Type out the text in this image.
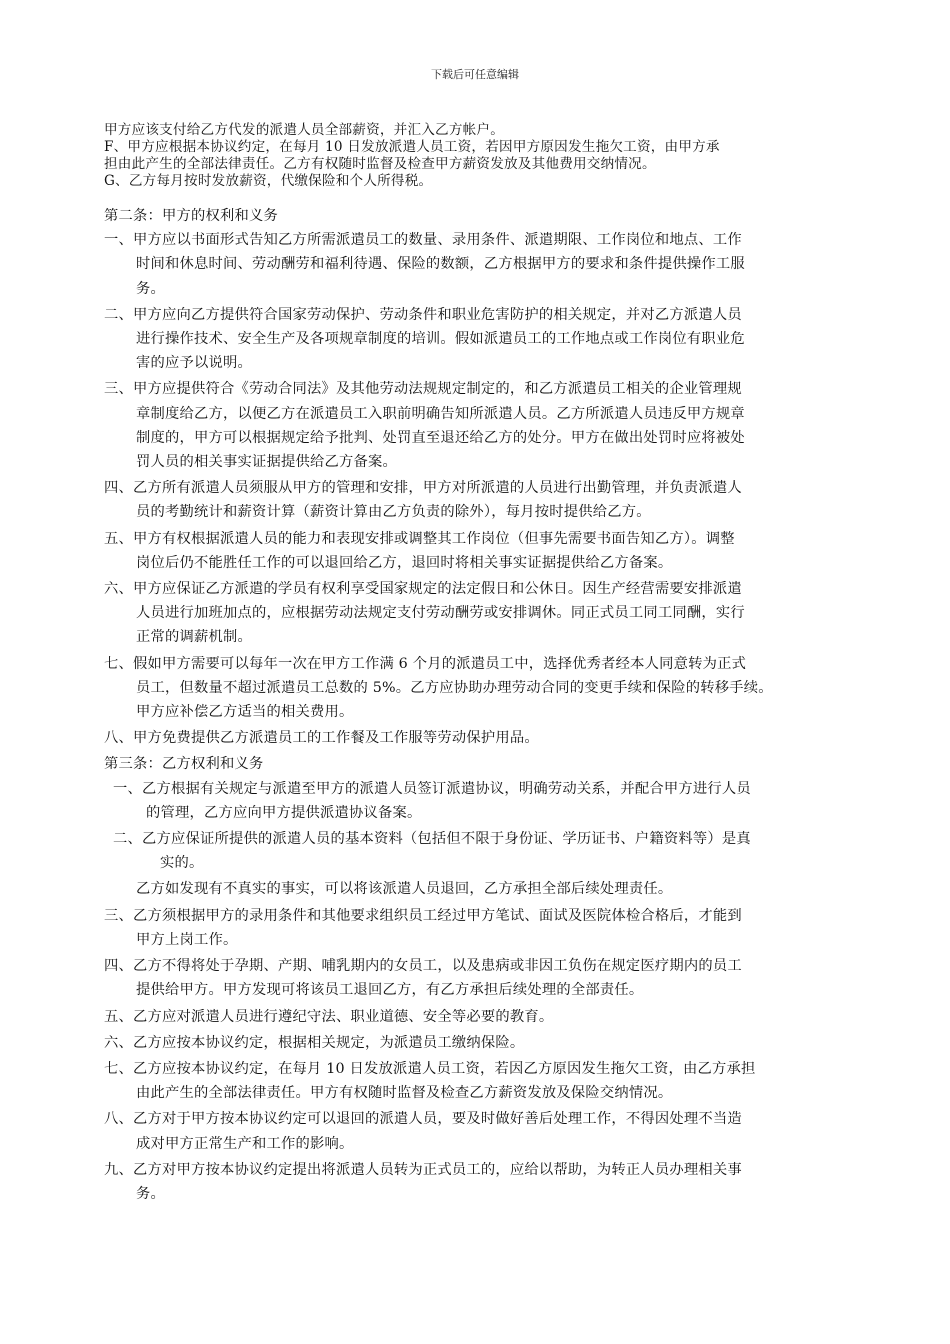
下载后可任意编辑

甲方应该支付给乙方代发的派遣人员全部薪资，并汇入乙方帐户。

F、甲方应根据本协议约定，在每月 10 日发放派遣人员工资，若因甲方原因发生拖欠工资，由甲方承

担由此产生的全部法律责任。乙方有权随时监督及检查甲方薪资发放及其他费用交纳情况。

G、乙方每月按时发放薪资，代缴保险和个人所得税。

第二条：甲方的权利和义务

一、甲方应以书面形式告知乙方所需派遣员工的数量、录用条件、派遣期限、工作岗位和地点、工作

时间和休息时间、劳动酬劳和福利待遇、保险的数额，乙方根据甲方的要求和条件提供操作工服

务。

二、甲方应向乙方提供符合国家劳动保护、劳动条件和职业危害防护的相关规定，并对乙方派遣人员

进行操作技术、安全生产及各项规章制度的培训。假如派遣员工的工作地点或工作岗位有职业危

害的应予以说明。

三、甲方应提供符合《劳动合同法》及其他劳动法规规定制定的，和乙方派遣员工相关的企业管理规

章制度给乙方，以便乙方在派遣员工入职前明确告知所派遣人员。乙方所派遣人员违反甲方规章

制度的，甲方可以根据规定给予批判、处罚直至退还给乙方的处分。甲方在做出处罚时应将被处

罚人员的相关事实证据提供给乙方备案。

四、乙方所有派遣人员须服从甲方的管理和安排，甲方对所派遣的人员进行出勤管理，并负责派遣人

员的考勤统计和薪资计算（薪资计算由乙方负责的除外），每月按时提供给乙方。

五、甲方有权根据派遣人员的能力和表现安排或调整其工作岗位（但事先需要书面告知乙方）。调整

岗位后仍不能胜任工作的可以退回给乙方，退回时将相关事实证据提供给乙方备案。

六、甲方应保证乙方派遣的学员有权利享受国家规定的法定假日和公休日。因生产经营需要安排派遣

人员进行加班加点的，应根据劳动法规定支付劳动酬劳或安排调休。同正式员工同工同酬，实行

正常的调薪机制。

七、假如甲方需要可以每年一次在甲方工作满 6 个月的派遣员工中，选择优秀者经本人同意转为正式

员工，但数量不超过派遣员工总数的 5%。乙方应协助办理劳动合同的变更手续和保险的转移手续。

甲方应补偿乙方适当的相关费用。

八、甲方免费提供乙方派遣员工的工作餐及工作服等劳动保护用品。

第三条：乙方权利和义务

一、乙方根据有关规定与派遣至甲方的派遣人员签订派遣协议，明确劳动关系，并配合甲方进行人员

的管理，乙方应向甲方提供派遣协议备案。

二、乙方应保证所提供的派遣人员的基本资料（包括但不限于身份证、学历证书、户籍资料等）是真

实的。

乙方如发现有不真实的事实，可以将该派遣人员退回，乙方承担全部后续处理责任。

三、乙方须根据甲方的录用条件和其他要求组织员工经过甲方笔试、面试及医院体检合格后，才能到

甲方上岗工作。

四、乙方不得将处于孕期、产期、哺乳期内的女员工，以及患病或非因工负伤在规定医疗期内的员工

提供给甲方。甲方发现可将该员工退回乙方，有乙方承担后续处理的全部责任。

五、乙方应对派遣人员进行遵纪守法、职业道德、安全等必要的教育。

六、乙方应按本协议约定，根据相关规定，为派遣员工缴纳保险。

七、乙方应按本协议约定，在每月 10 日发放派遣人员工资，若因乙方原因发生拖欠工资，由乙方承担

由此产生的全部法律责任。甲方有权随时监督及检查乙方薪资发放及保险交纳情况。

八、乙方对于甲方按本协议约定可以退回的派遣人员，要及时做好善后处理工作，不得因处理不当造

成对甲方正常生产和工作的影响。

九、乙方对甲方按本协议约定提出将派遣人员转为正式员工的，应给以帮助，为转正人员办理相关事

务。
